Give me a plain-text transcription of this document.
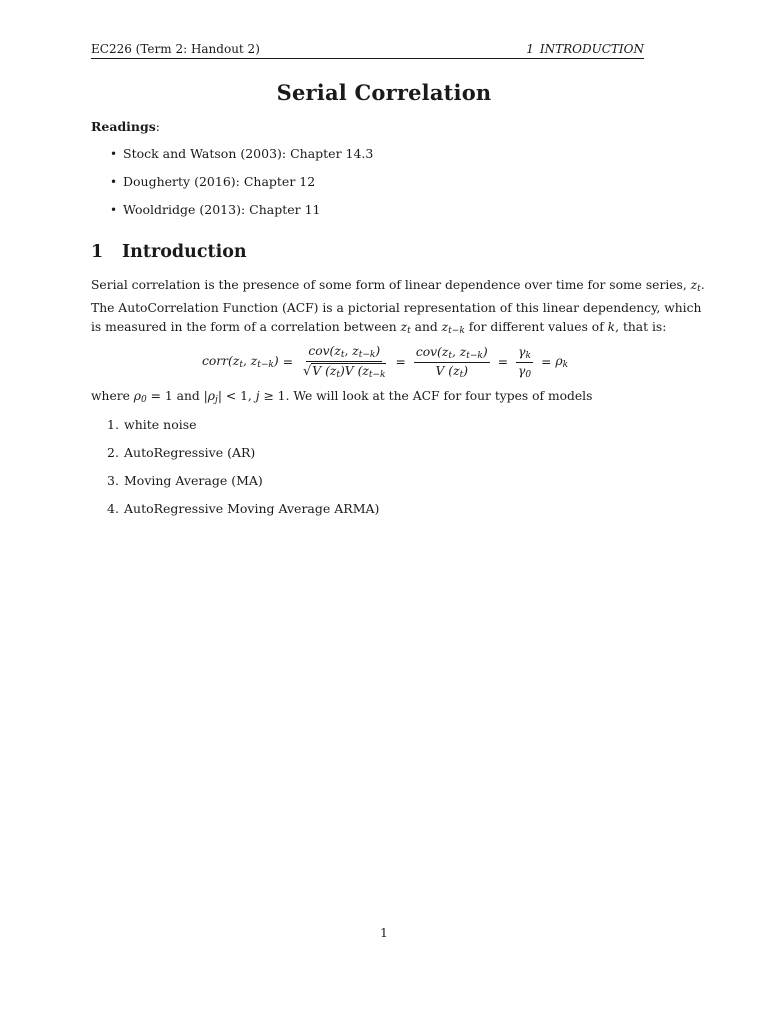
EC226 (Term 2: Handout 2)	1 INTRODUCTION
Serial Correlation
Readings:
• Stock and Watson (2003): Chapter 14.3
• Dougherty (2016): Chapter 12
• Wooldridge (2013): Chapter 11
1 Introduction
Serial correlation is the presence of some form of linear dependence over time for some series, $z_t$.
The AutoCorrelation Function (ACF) is a pictorial representation of this linear dependency, which
is measured in the form of a correlation between $z_t$ and $z_{t-k}$ for different values of k, that is:
$corr(z_t$, $z_{t-k}) = \frac{cov(z_t, z_{t-k})}{√V (z_t)V (z_{t-k}} = \frac{cov(z_t, z_{t-k})}{V (z_t)} = \frac{\gamma_k}{\gamma_0} = \rho_k$
where $\rho_0 = 1$ and $|\rho_j| < 1$, j ≥ 1. We will look at the ACF for four types of models
1. white noise
2. AutoRegressive (AR)
3. Moving Average (MA)
4. AutoRegressive Moving Average ARMA)
1
